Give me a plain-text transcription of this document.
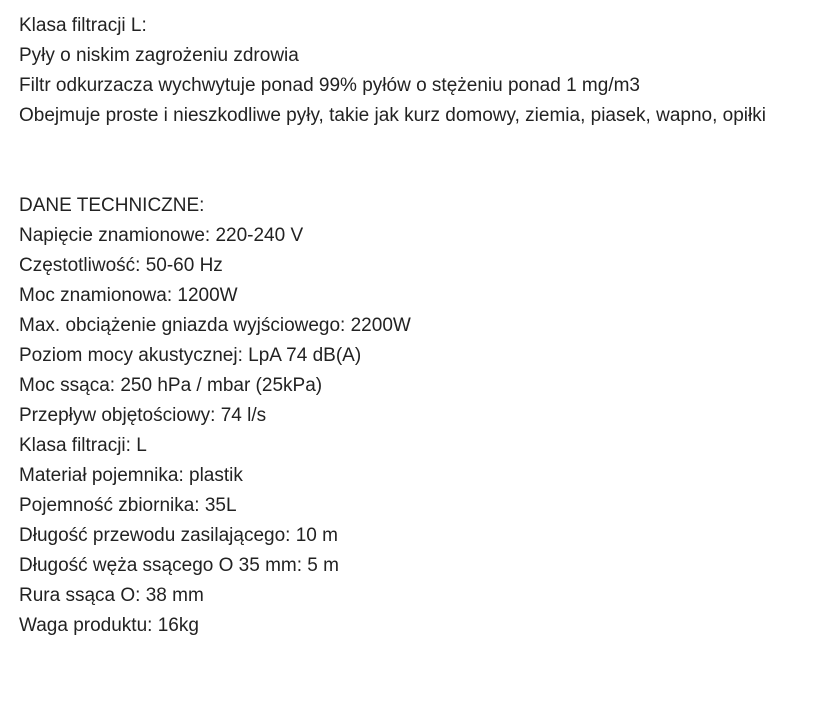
Klasa filtracji L:
Pyły o niskim zagrożeniu zdrowia
Filtr odkurzacza wychwytuje ponad 99% pyłów o stężeniu ponad 1 mg/m3
Obejmuje proste i nieszkodliwe pyły, takie jak kurz domowy, ziemia, piasek, wapno, opiłki
DANE TECHNICZNE:
Napięcie znamionowe: 220-240 V
Częstotliwość: 50-60 Hz
Moc znamionowa: 1200W
Max. obciążenie gniazda wyjściowego: 2200W
Poziom mocy akustycznej: LpA 74 dB(A)
Moc ssąca: 250 hPa / mbar (25kPa)
Przepływ objętościowy: 74 l/s
Klasa filtracji: L
Materiał pojemnika: plastik
Pojemność zbiornika: 35L
Długość przewodu zasilającego: 10 m
Długość węża ssącego O 35 mm: 5 m
Rura ssąca O: 38 mm
Waga produktu: 16kg
